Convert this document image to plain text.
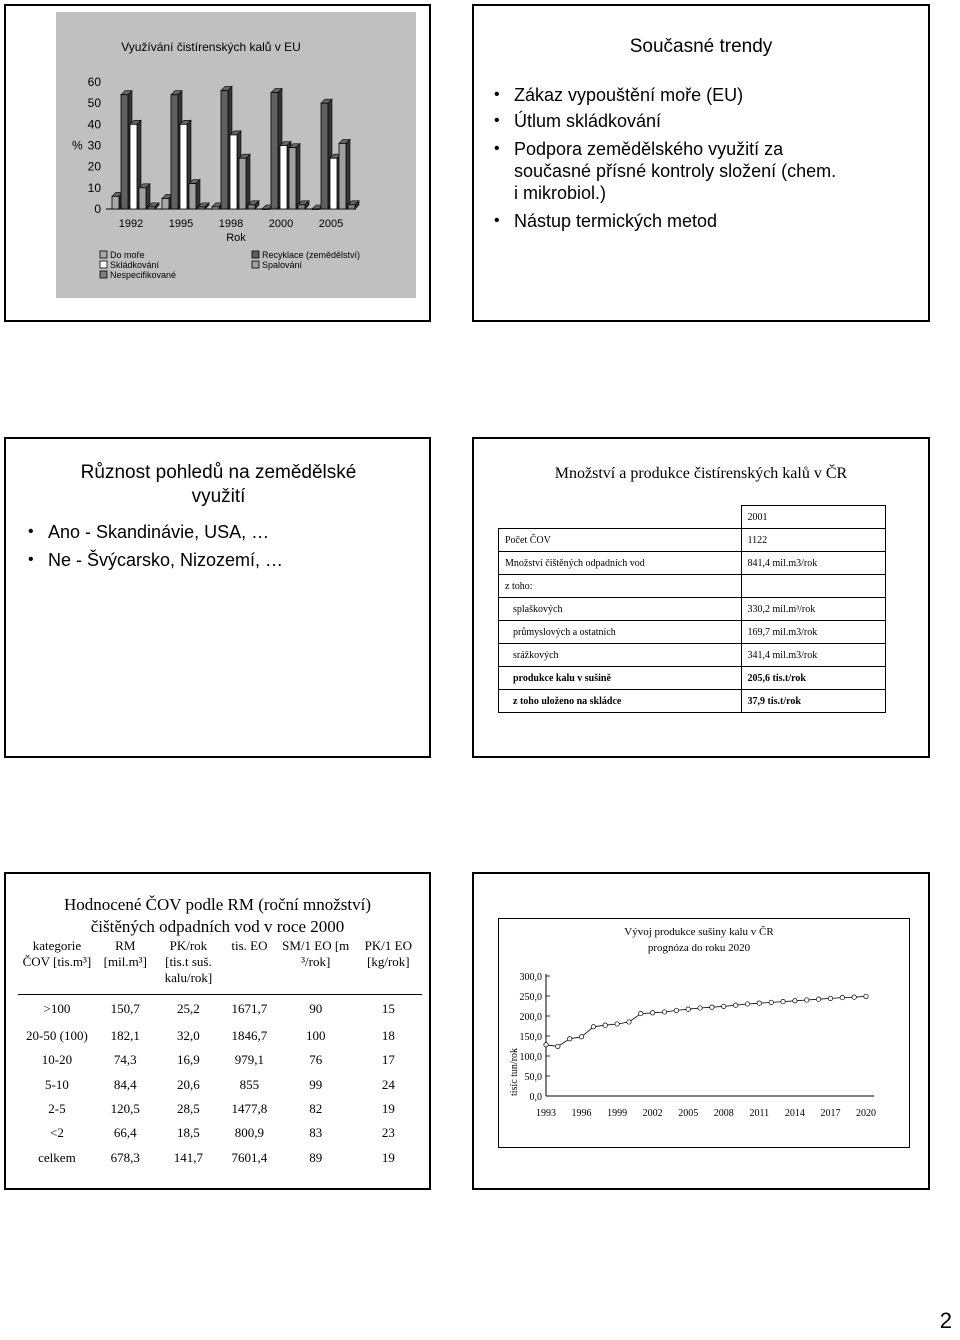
Využívání čistírenských kalů v EU
60
50
40
30
20
10
0
%
1992 1995 1998 2000 2005
Rok
Do moře
Skládkování
Nespecifikované
Recyklace (zemědělství)
Spalování
Současné trendy
• Zákaz vypouštění moře (EU)
• Útlum skládkování
• Podpora zemědělského využití za současné přísné kontroly složení (chem. i mikrobiol.)
• Nástup termických metod
Různost pohledů na zemědělské využití
• Ano - Skandinávie, USA, …
• Ne - Švýcarsko, Nizozemí, …
Množství a produkce čistírenských kalů v ČR
	2001
Počet ČOV	1122
Množství čištěných odpadních vod	841,4 mil.m3/rok
z toho:	
splaškových	330,2 mil.m³/rok
průmyslových a ostatních	169,7 mil.m3/rok
srážkových	341,4 mil.m3/rok
produkce kalu v sušině	205,6 tis.t/rok
z toho uloženo na skládce	37,9 tis.t/rok
Hodnocené ČOV podle RM (roční množství)
čištěných odpadních vod v roce 2000
kategorie ČOV [tis.m³]	RM [mil.m³]	PK/rok [tis.t suš. kalu/rok]	tis. EO	SM/1 EO [m ³/rok]	PK/1 EO [kg/rok]
>100	150,7	25,2	1671,7	90	15
20-50 (100)	182,1	32,0	1846,7	100	18
10-20	74,3	16,9	979,1	76	17
5-10	84,4	20,6	855	99	24
2-5	120,5	28,5	1477,8	82	19
<2	66,4	18,5	800,9	83	23
celkem	678,3	141,7	7601,4	89	19
Vývoj produkce sušiny kalu v ČR
prognóza do roku 2020
300,0
250,0
200,0
150,0
100,0
50,0
0,0
1993 1996 1999 2002 2005 2008 2011 2014 2017 2020
tisíc tun/rok
2
